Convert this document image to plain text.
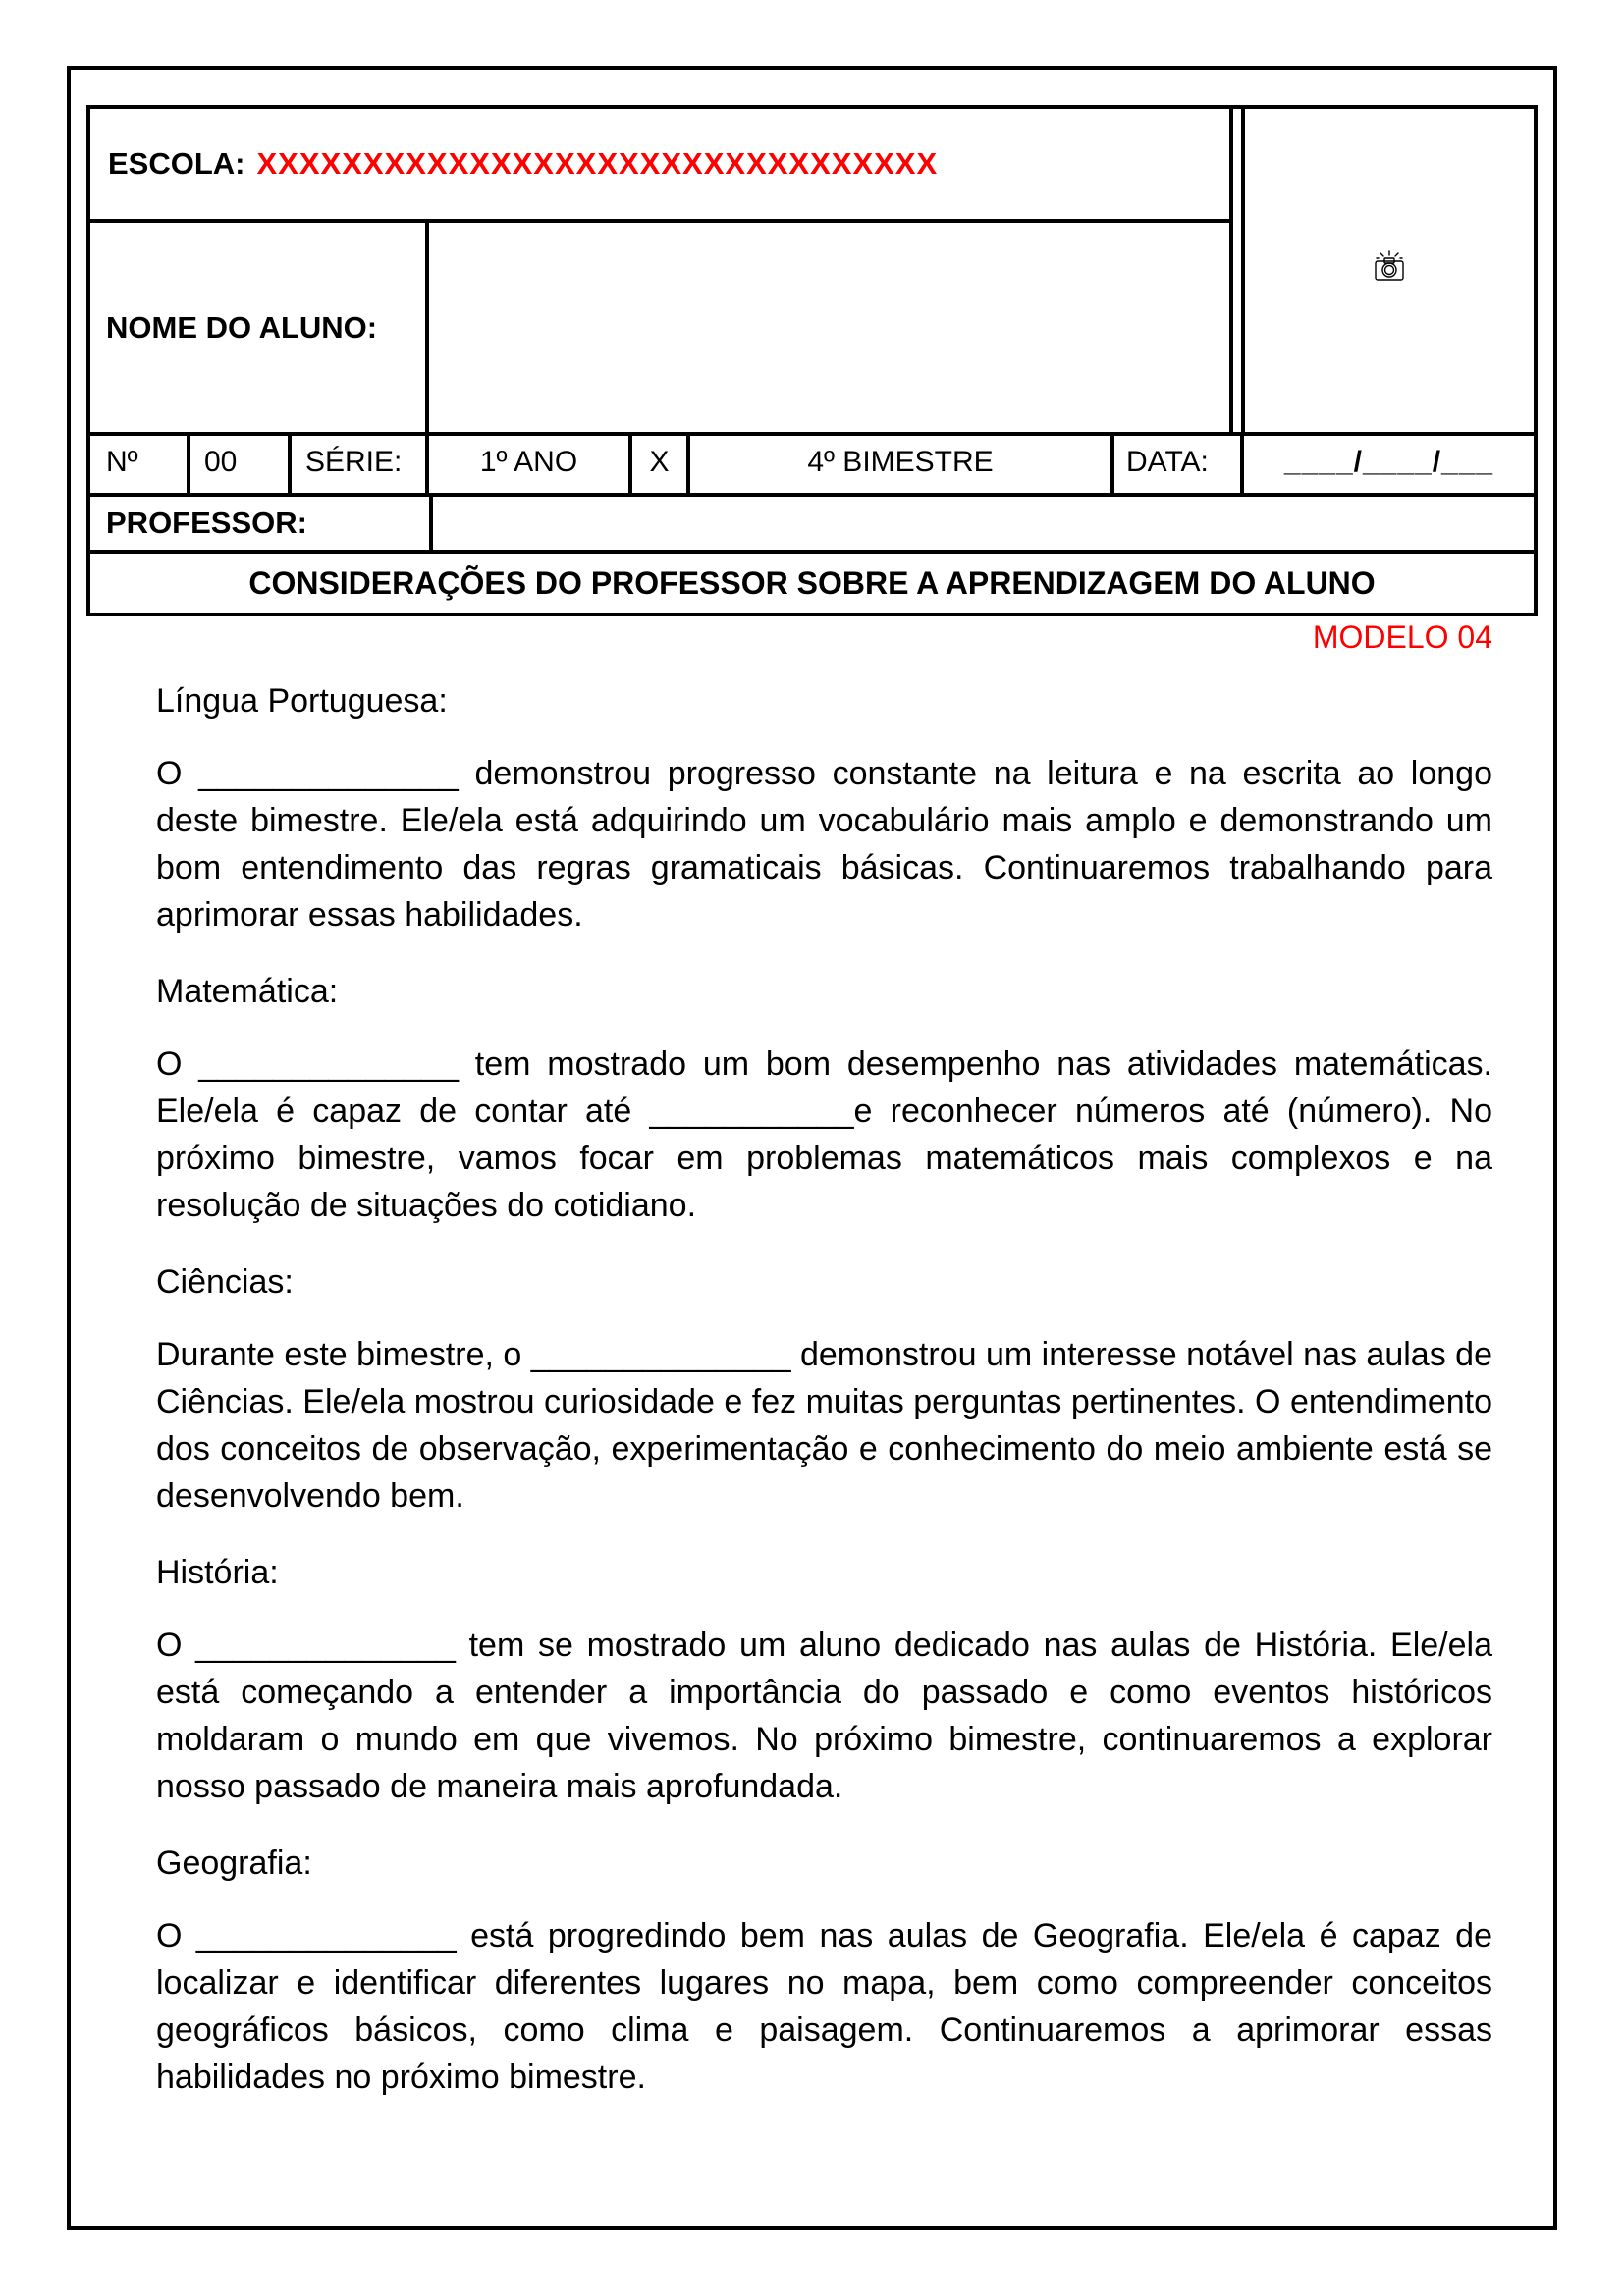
ESCOLA: XXXXXXXXXXXXXXXXXXXXXXXXXXXXXXXX
NOME DO ALUNO:
Nº	00	SÉRIE:	1º ANO	X	4º BIMESTRE	DATA:	____/____/___
PROFESSOR:
CONSIDERAÇÕES DO PROFESSOR SOBRE A APRENDIZAGEM DO ALUNO
MODELO 04
Língua Portuguesa:

O ______________ demonstrou progresso constante na leitura e na escrita ao longo deste bimestre. Ele/ela está adquirindo um vocabulário mais amplo e demonstrando um bom entendimento das regras gramaticais básicas. Continuaremos trabalhando para aprimorar essas habilidades.

Matemática:

O ______________ tem mostrado um bom desempenho nas atividades matemáticas. Ele/ela é capaz de contar até ___________e reconhecer números até (número). No próximo bimestre, vamos focar em problemas matemáticos mais complexos e na resolução de situações do cotidiano.

Ciências:

Durante este bimestre, o ______________ demonstrou um interesse notável nas aulas de Ciências. Ele/ela mostrou curiosidade e fez muitas perguntas pertinentes. O entendimento dos conceitos de observação, experimentação e conhecimento do meio ambiente está se desenvolvendo bem.

História:

O ______________ tem se mostrado um aluno dedicado nas aulas de História. Ele/ela está começando a entender a importância do passado e como eventos históricos moldaram o mundo em que vivemos. No próximo bimestre, continuaremos a explorar nosso passado de maneira mais aprofundada.

Geografia:

O ______________ está progredindo bem nas aulas de Geografia. Ele/ela é capaz de localizar e identificar diferentes lugares no mapa, bem como compreender conceitos geográficos básicos, como clima e paisagem. Continuaremos a aprimorar essas habilidades no próximo bimestre.
